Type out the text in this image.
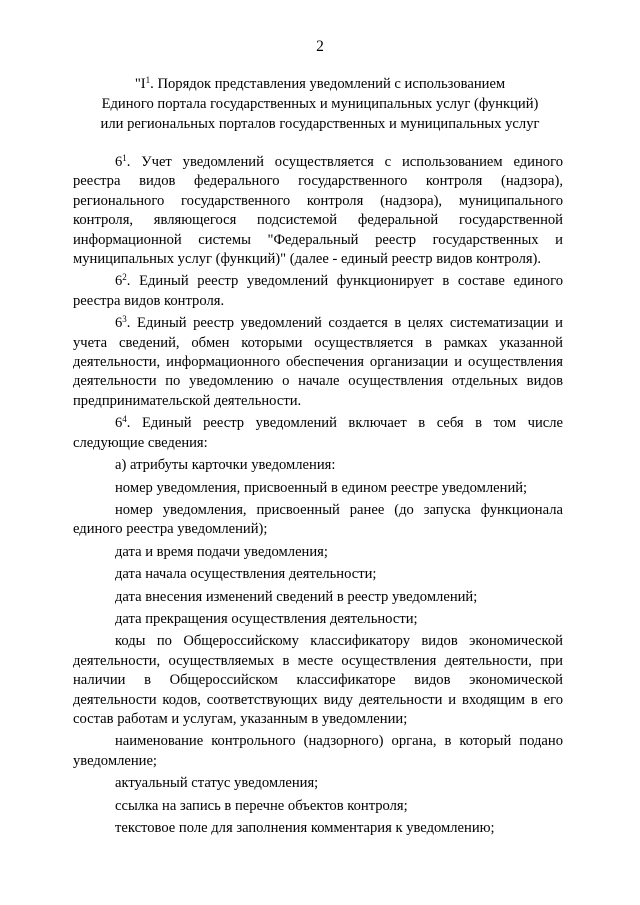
2
"$I^1$. Порядок представления уведомлений с использованием
Единого портала государственных и муниципальных услуг (функций)
или региональных порталов государственных и муниципальных услуг

$6^1$. Учет уведомлений осуществляется с использованием единого реестра видов федерального государственного контроля (надзора), регионального государственного контроля (надзора), муниципального контроля, являющегося подсистемой федеральной государственной информационной системы "Федеральный реестр государственных и муниципальных услуг (функций)" (далее - единый реестр видов контроля).

$6^2$. Единый реестр уведомлений функционирует в составе единого реестра видов контроля.

$6^3$. Единый реестр уведомлений создается в целях систематизации и учета сведений, обмен которыми осуществляется в рамках указанной деятельности, информационного обеспечения организации и осуществления деятельности по уведомлению о начале осуществления отдельных видов предпринимательской деятельности.

$6^4$. Единый реестр уведомлений включает в себя в том числе следующие сведения:

а) атрибуты карточки уведомления:

номер уведомления, присвоенный в едином реестре уведомлений;

номер уведомления, присвоенный ранее (до запуска функционала единого реестра уведомлений);

дата и время подачи уведомления;

дата начала осуществления деятельности;

дата внесения изменений сведений в реестр уведомлений;

дата прекращения осуществления деятельности;

коды по Общероссийскому классификатору видов экономической деятельности, осуществляемых в месте осуществления деятельности, при наличии в Общероссийском классификаторе видов экономической деятельности кодов, соответствующих виду деятельности и входящим в его состав работам и услугам, указанным в уведомлении;

наименование контрольного (надзорного) органа, в который подано уведомление;

актуальный статус уведомления;

ссылка на запись в перечне объектов контроля;

текстовое поле для заполнения комментария к уведомлению;
